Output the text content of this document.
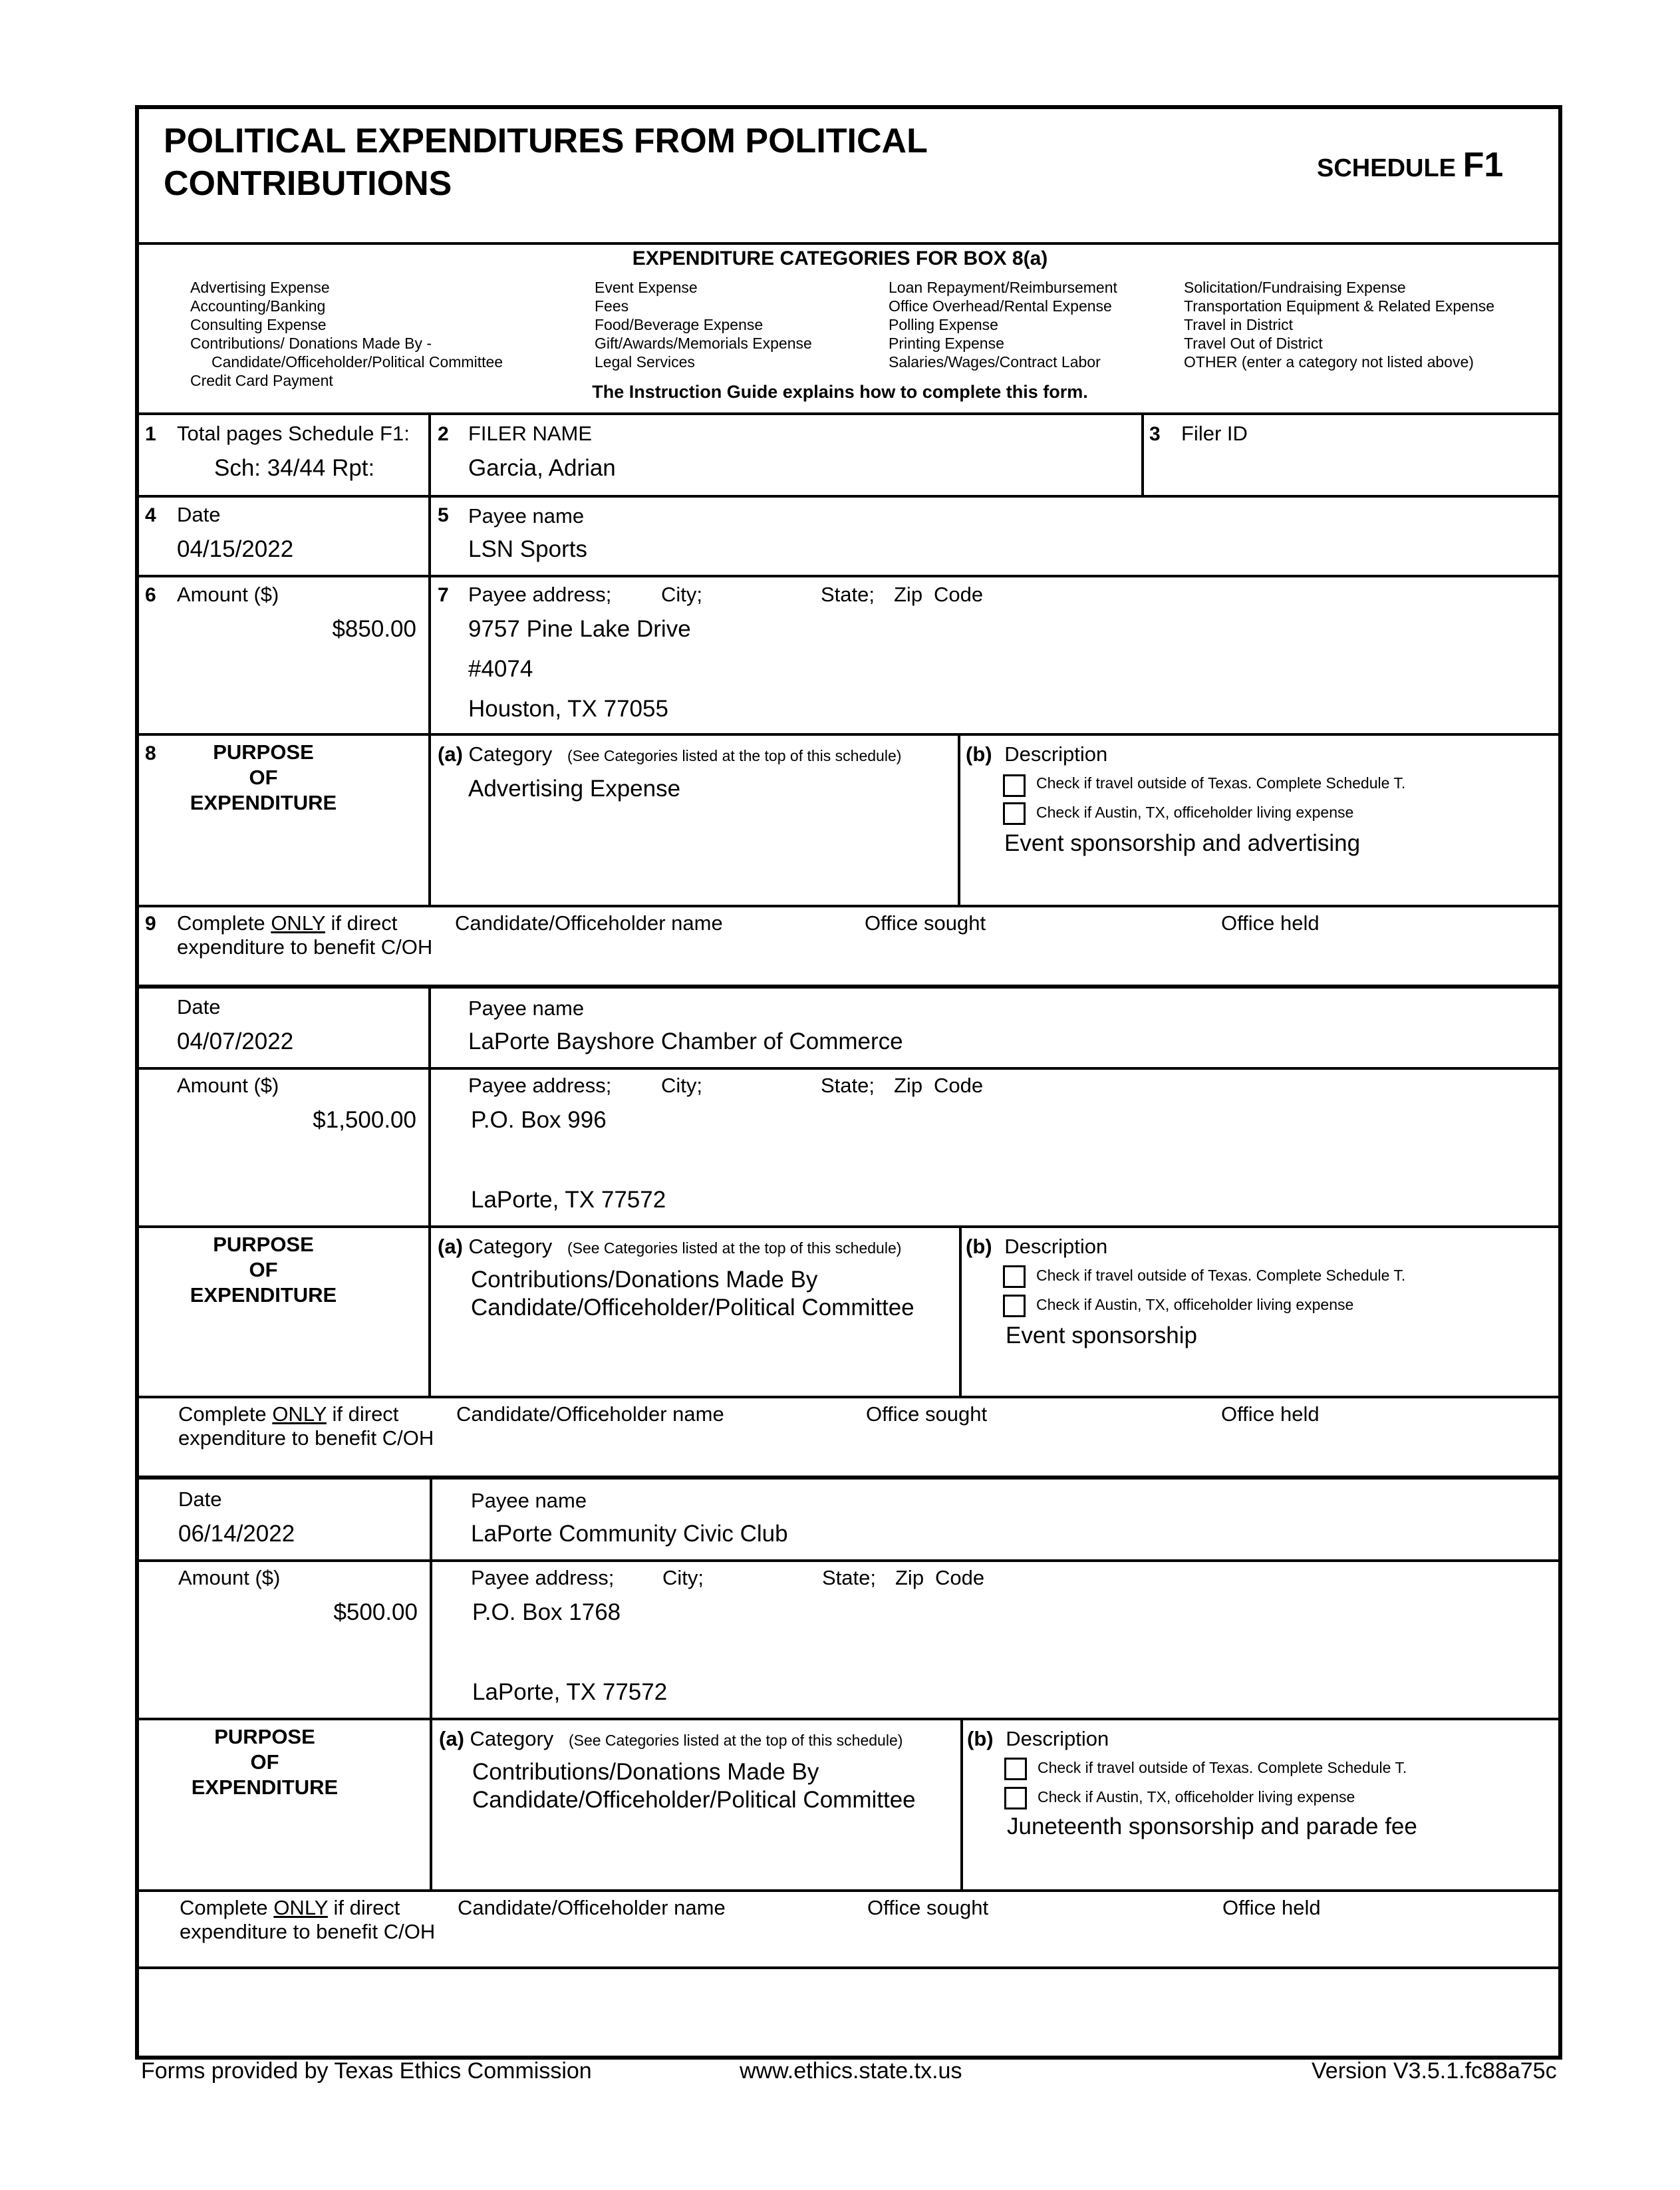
POLITICAL EXPENDITURES FROM POLITICAL
CONTRIBUTIONS	SCHEDULE F1
EXPENDITURE CATEGORIES FOR BOX 8(a)
Advertising Expense
Accounting/Banking
Consulting Expense
Contributions/ Donations Made By -
Candidate/Officeholder/Political Committee
Credit Card Payment
Event Expense
Fees
Food/Beverage Expense
Gift/Awards/Memorials Expense
Legal Services
Loan Repayment/Reimbursement
Office Overhead/Rental Expense
Polling Expense
Printing Expense
Salaries/Wages/Contract Labor
Solicitation/Fundraising Expense
Transportation Equipment & Related Expense
Travel in District
Travel Out of District
OTHER (enter a category not listed above)
The Instruction Guide explains how to complete this form.
1 Total pages Schedule F1:
Sch: 34/44 Rpt:
2 FILER NAME
Garcia, Adrian
3 Filer ID
4 Date
04/15/2022
5 Payee name
LSN Sports
6 Amount ($)
$850.00
7 Payee address; City;	State; Zip Code
9757 Pine Lake Drive
#4074
Houston, TX 77055
8	PURPOSE
OF
EXPENDITURE
(a) Category (See Categories listed at the top of this schedule)
Advertising Expense
(b) Description
Check if travel outside of Texas. Complete Schedule T.
Check if Austin, TX, officeholder living expense
Event sponsorship and advertising
9 Complete ONLY if direct
expenditure to benefit C/OH
Candidate/Officeholder name	Office sought	Office held
Date
04/07/2022
Payee name
LaPorte Bayshore Chamber of Commerce
Amount ($)
$1,500.00
Payee address; City;	State; Zip Code
P.O. Box 996
LaPorte, TX 77572
PURPOSE
OF
EXPENDITURE
(a) Category (See Categories listed at the top of this schedule)
Contributions/Donations Made By
Candidate/Officeholder/Political Committee
(b) Description
Check if travel outside of Texas. Complete Schedule T.
Check if Austin, TX, officeholder living expense
Event sponsorship
Complete ONLY if direct
expenditure to benefit C/OH
Candidate/Officeholder name	Office sought	Office held
Date
06/14/2022
Payee name
LaPorte Community Civic Club
Amount ($)
$500.00
Payee address; City;	State; Zip Code
P.O. Box 1768
LaPorte, TX 77572
PURPOSE
OF
EXPENDITURE
(a) Category (See Categories listed at the top of this schedule)
Contributions/Donations Made By
Candidate/Officeholder/Political Committee
(b) Description
Check if travel outside of Texas. Complete Schedule T.
Check if Austin, TX, officeholder living expense
Juneteenth sponsorship and parade fee
Complete ONLY if direct
expenditure to benefit C/OH
Candidate/Officeholder name	Office sought	Office held
Forms provided by Texas Ethics Commission	www.ethics.state.tx.us	Version V3.5.1.fc88a75c
